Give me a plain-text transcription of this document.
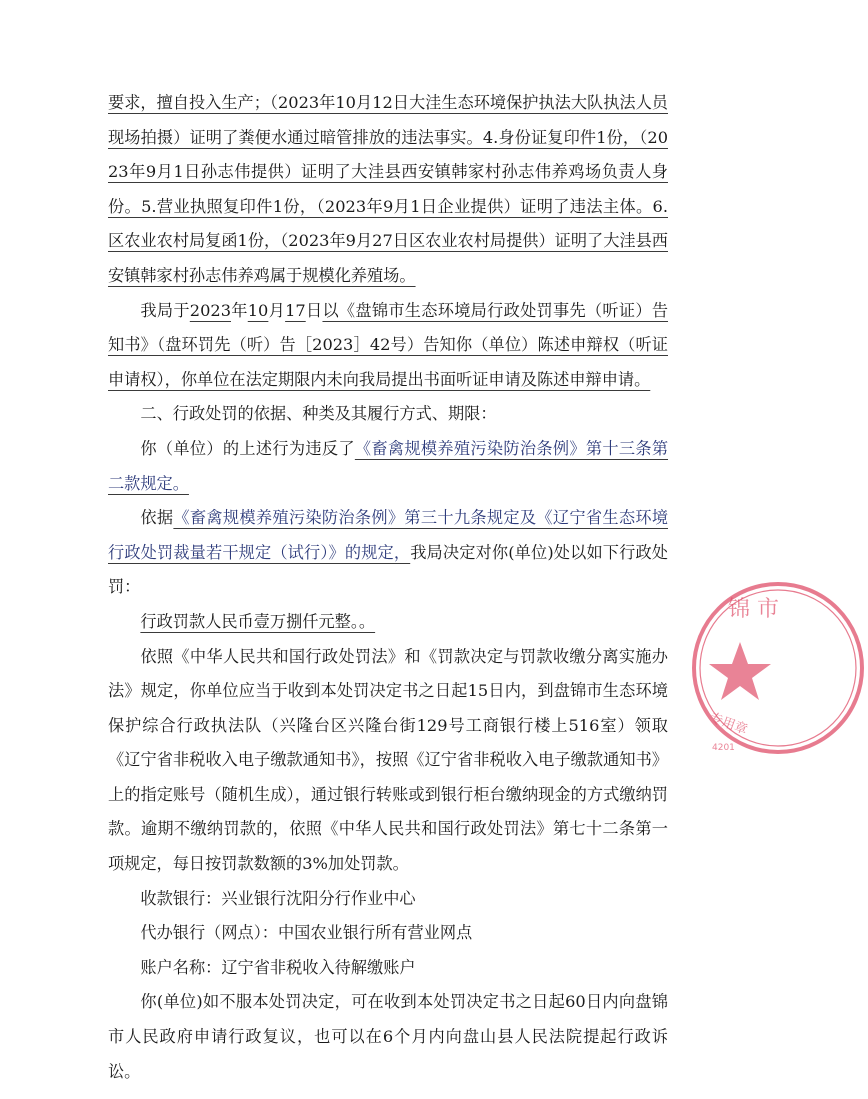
要求，擅自投入生产；（2023年10月12日大洼生态环境保护执法大队执法人员现场拍摄）证明了粪便水通过暗管排放的违法事实。4.身份证复印件1份，（2023年9月1日孙志伟提供）证明了大洼县西安镇韩家村孙志伟养鸡场负责人身份。5.营业执照复印件1份，（2023年9月1日企业提供）证明了违法主体。6.区农业农村局复函1份，（2023年9月27日区农业农村局提供）证明了大洼县西安镇韩家村孙志伟养鸡属于规模化养殖场。

我局于2023年10月17日以《盘锦市生态环境局行政处罚事先（听证）告知书》（盘环罚先（听）告［2023］42号）告知你（单位）陈述申辩权（听证申请权），你单位在法定期限内未向我局提出书面听证申请及陈述申辩申请。

二、行政处罚的依据、种类及其履行方式、期限：

你（单位）的上述行为违反了《畜禽规模养殖污染防治条例》第十三条第二款规定。

依据《畜禽规模养殖污染防治条例》第三十九条规定及《辽宁省生态环境行政处罚裁量若干规定（试行）》的规定，我局决定对你(单位)处以如下行政处罚：

行政罚款人民币壹万捌仟元整。。

依照《中华人民共和国行政处罚法》和《罚款决定与罚款收缴分离实施办法》规定，你单位应当于收到本处罚决定书之日起15日内，到盘锦市生态环境保护综合行政执法队（兴隆台区兴隆台街129号工商银行楼上516室）领取《辽宁省非税收入电子缴款通知书》，按照《辽宁省非税收入电子缴款通知书》上的指定账号（随机生成），通过银行转账或到银行柜台缴纳现金的方式缴纳罚款。逾期不缴纳罚款的，依照《中华人民共和国行政处罚法》第七十二条第一项规定，每日按罚款数额的3%加处罚款。

收款银行：兴业银行沈阳分行作业中心

代办银行（网点）：中国农业银行所有营业网点

账户名称：辽宁省非税收入待解缴账户

你(单位)如不服本处罚决定，可在收到本处罚决定书之日起60日内向盘锦市人民政府申请行政复议，也可以在6个月内向盘山县人民法院提起行政诉讼。

锦 市
专用章
4201
